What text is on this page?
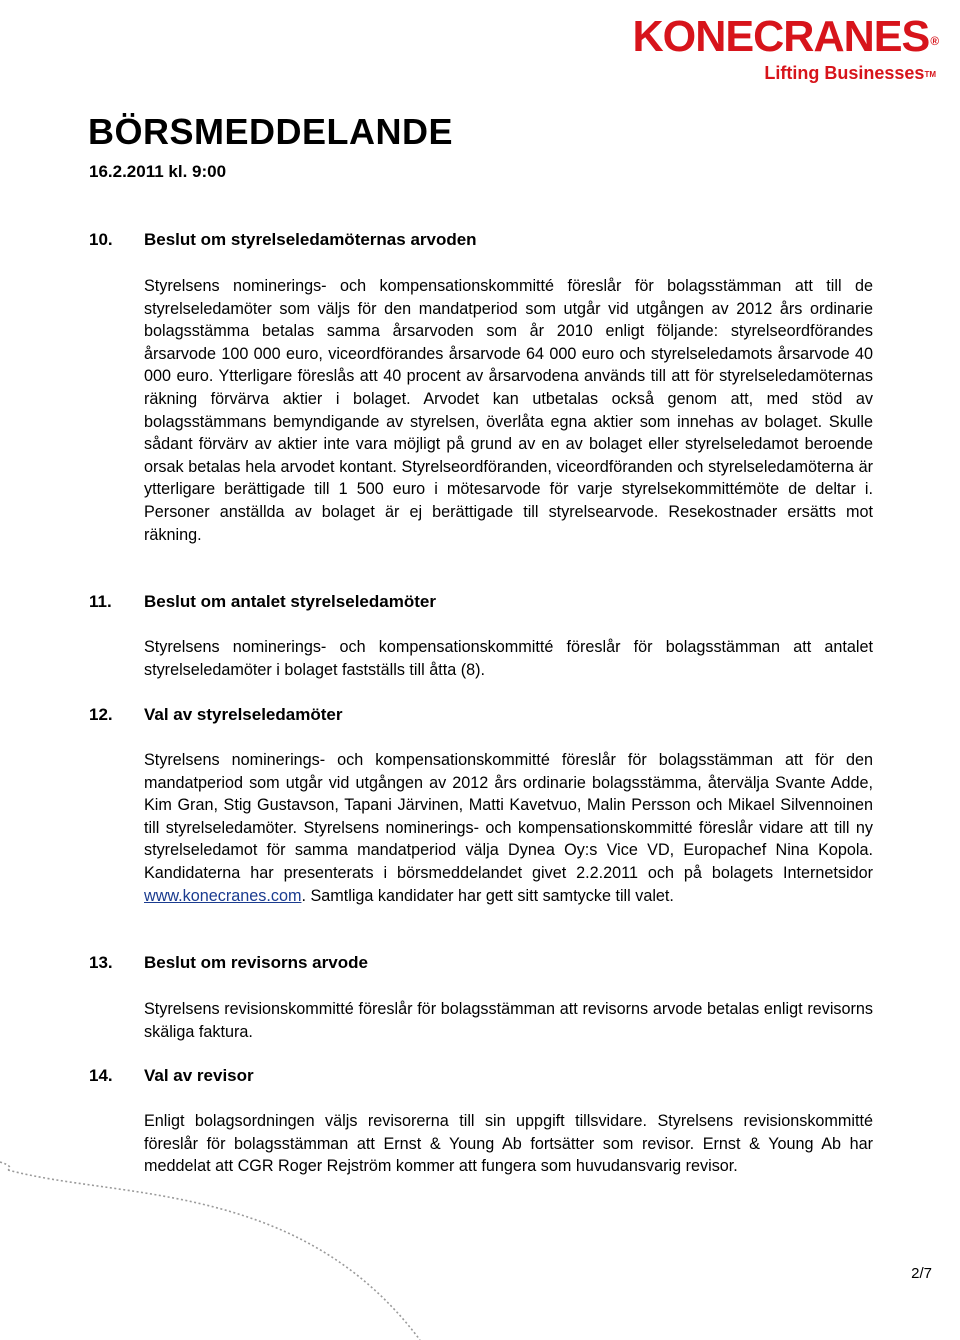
KONECRANES®
Lifting Businesses™
BÖRSMEDDELANDE
16.2.2011 kl. 9:00
10.	Beslut om styrelseledamöternas arvoden

Styrelsens nominerings- och kompensationskommitté föreslår för bolagsstämman att till de styrelseledamöter som väljs för den mandatperiod som utgår vid utgången av 2012 års ordinarie bolagsstämma betalas samma årsarvoden som år 2010 enligt följande: styrelseordförandes årsarvode 100 000 euro, viceordförandes årsarvode 64 000 euro och styrelseledamots årsarvode 40 000 euro. Ytterligare föreslås att 40 procent av årsarvodena används till att för styrelseledamöternas räkning förvärva aktier i bolaget. Arvodet kan utbetalas också genom att, med stöd av bolagsstämmans bemyndigande av styrelsen, överlåta egna aktier som innehas av bolaget. Skulle sådant förvärv av aktier inte vara möjligt på grund av en av bolaget eller styrelseledamot beroende orsak betalas hela arvodet kontant. Styrelseordföranden, viceordföranden och styrelseledamöterna är ytterligare berättigade till 1 500 euro i mötesarvode för varje styrelsekommittémöte de deltar i. Personer anställda av bolaget är ej berättigade till styrelsearvode. Resekostnader ersätts mot räkning.

11.	Beslut om antalet styrelseledamöter

Styrelsens nominerings- och kompensationskommitté föreslår för bolagsstämman att antalet styrelseledamöter i bolaget fastställs till åtta (8).

12.	Val av styrelseledamöter

Styrelsens nominerings- och kompensationskommitté föreslår för bolagsstämman att för den mandatperiod som utgår vid utgången av 2012 års ordinarie bolagsstämma, återvälja Svante Adde, Kim Gran, Stig Gustavson, Tapani Järvinen, Matti Kavetvuo, Malin Persson och Mikael Silvennoinen till styrelseledamöter. Styrelsens nominerings- och kompensationskommitté föreslår vidare att till ny styrelseledamot för samma mandatperiod välja Dynea Oy:s Vice VD, Europachef Nina Kopola. Kandidaterna har presenterats i börsmeddelandet givet 2.2.2011 och på bolagets Internetsidor www.konecranes.com. Samtliga kandidater har gett sitt samtycke till valet.

13.	Beslut om revisorns arvode

Styrelsens revisionskommitté föreslår för bolagsstämman att revisorns arvode betalas enligt revisorns skäliga faktura.

14.	Val av revisor

Enligt bolagsordningen väljs revisorerna till sin uppgift tillsvidare. Styrelsens revisionskommitté föreslår för bolagsstämman att Ernst & Young Ab fortsätter som revisor. Ernst & Young Ab har meddelat att CGR Roger Rejström kommer att fungera som huvudansvarig revisor.

2/7
